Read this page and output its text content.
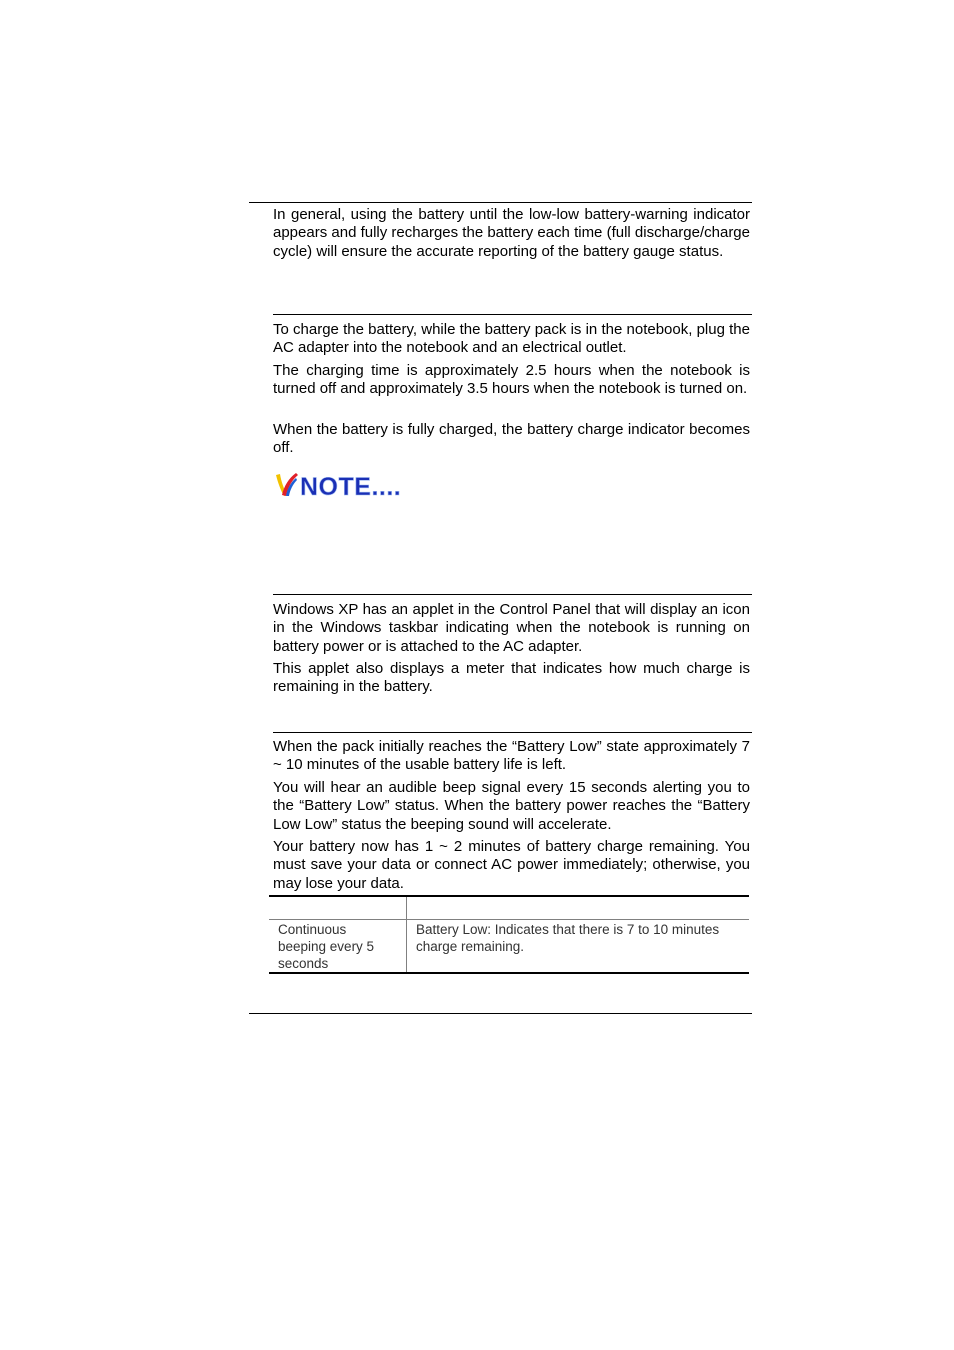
In general, using the battery until the low-low battery-warning indicator appears and fully recharges the battery each time (full discharge/charge cycle) will ensure the accurate reporting of the battery gauge status.

To charge the battery, while the battery pack is in the notebook, plug the AC adapter into the notebook and an electrical outlet.

The charging time is approximately 2.5 hours when the notebook is turned off and approximately 3.5 hours when the notebook is turned on.

When the battery is fully charged, the battery charge indicator becomes off.

NOTE....

Windows XP has an applet in the Control Panel that will display an icon in the Windows taskbar indicating when the notebook is running on battery power or is attached to the AC adapter.

This applet also displays a meter that indicates how much charge is remaining in the battery.

When the pack initially reaches the “Battery Low” state approximately 7 ~ 10 minutes of the usable battery life is left.

You will hear an audible beep signal every 15 seconds alerting you to the “Battery Low” status. When the battery power reaches the “Battery Low Low” status the beeping sound will accelerate.

Your battery now has 1 ~ 2 minutes of battery charge remaining. You must save your data or connect AC power immediately; otherwise, you may lose your data.

Continuous beeping every 5 seconds	Battery Low: Indicates that there is 7 to 10 minutes charge remaining.
